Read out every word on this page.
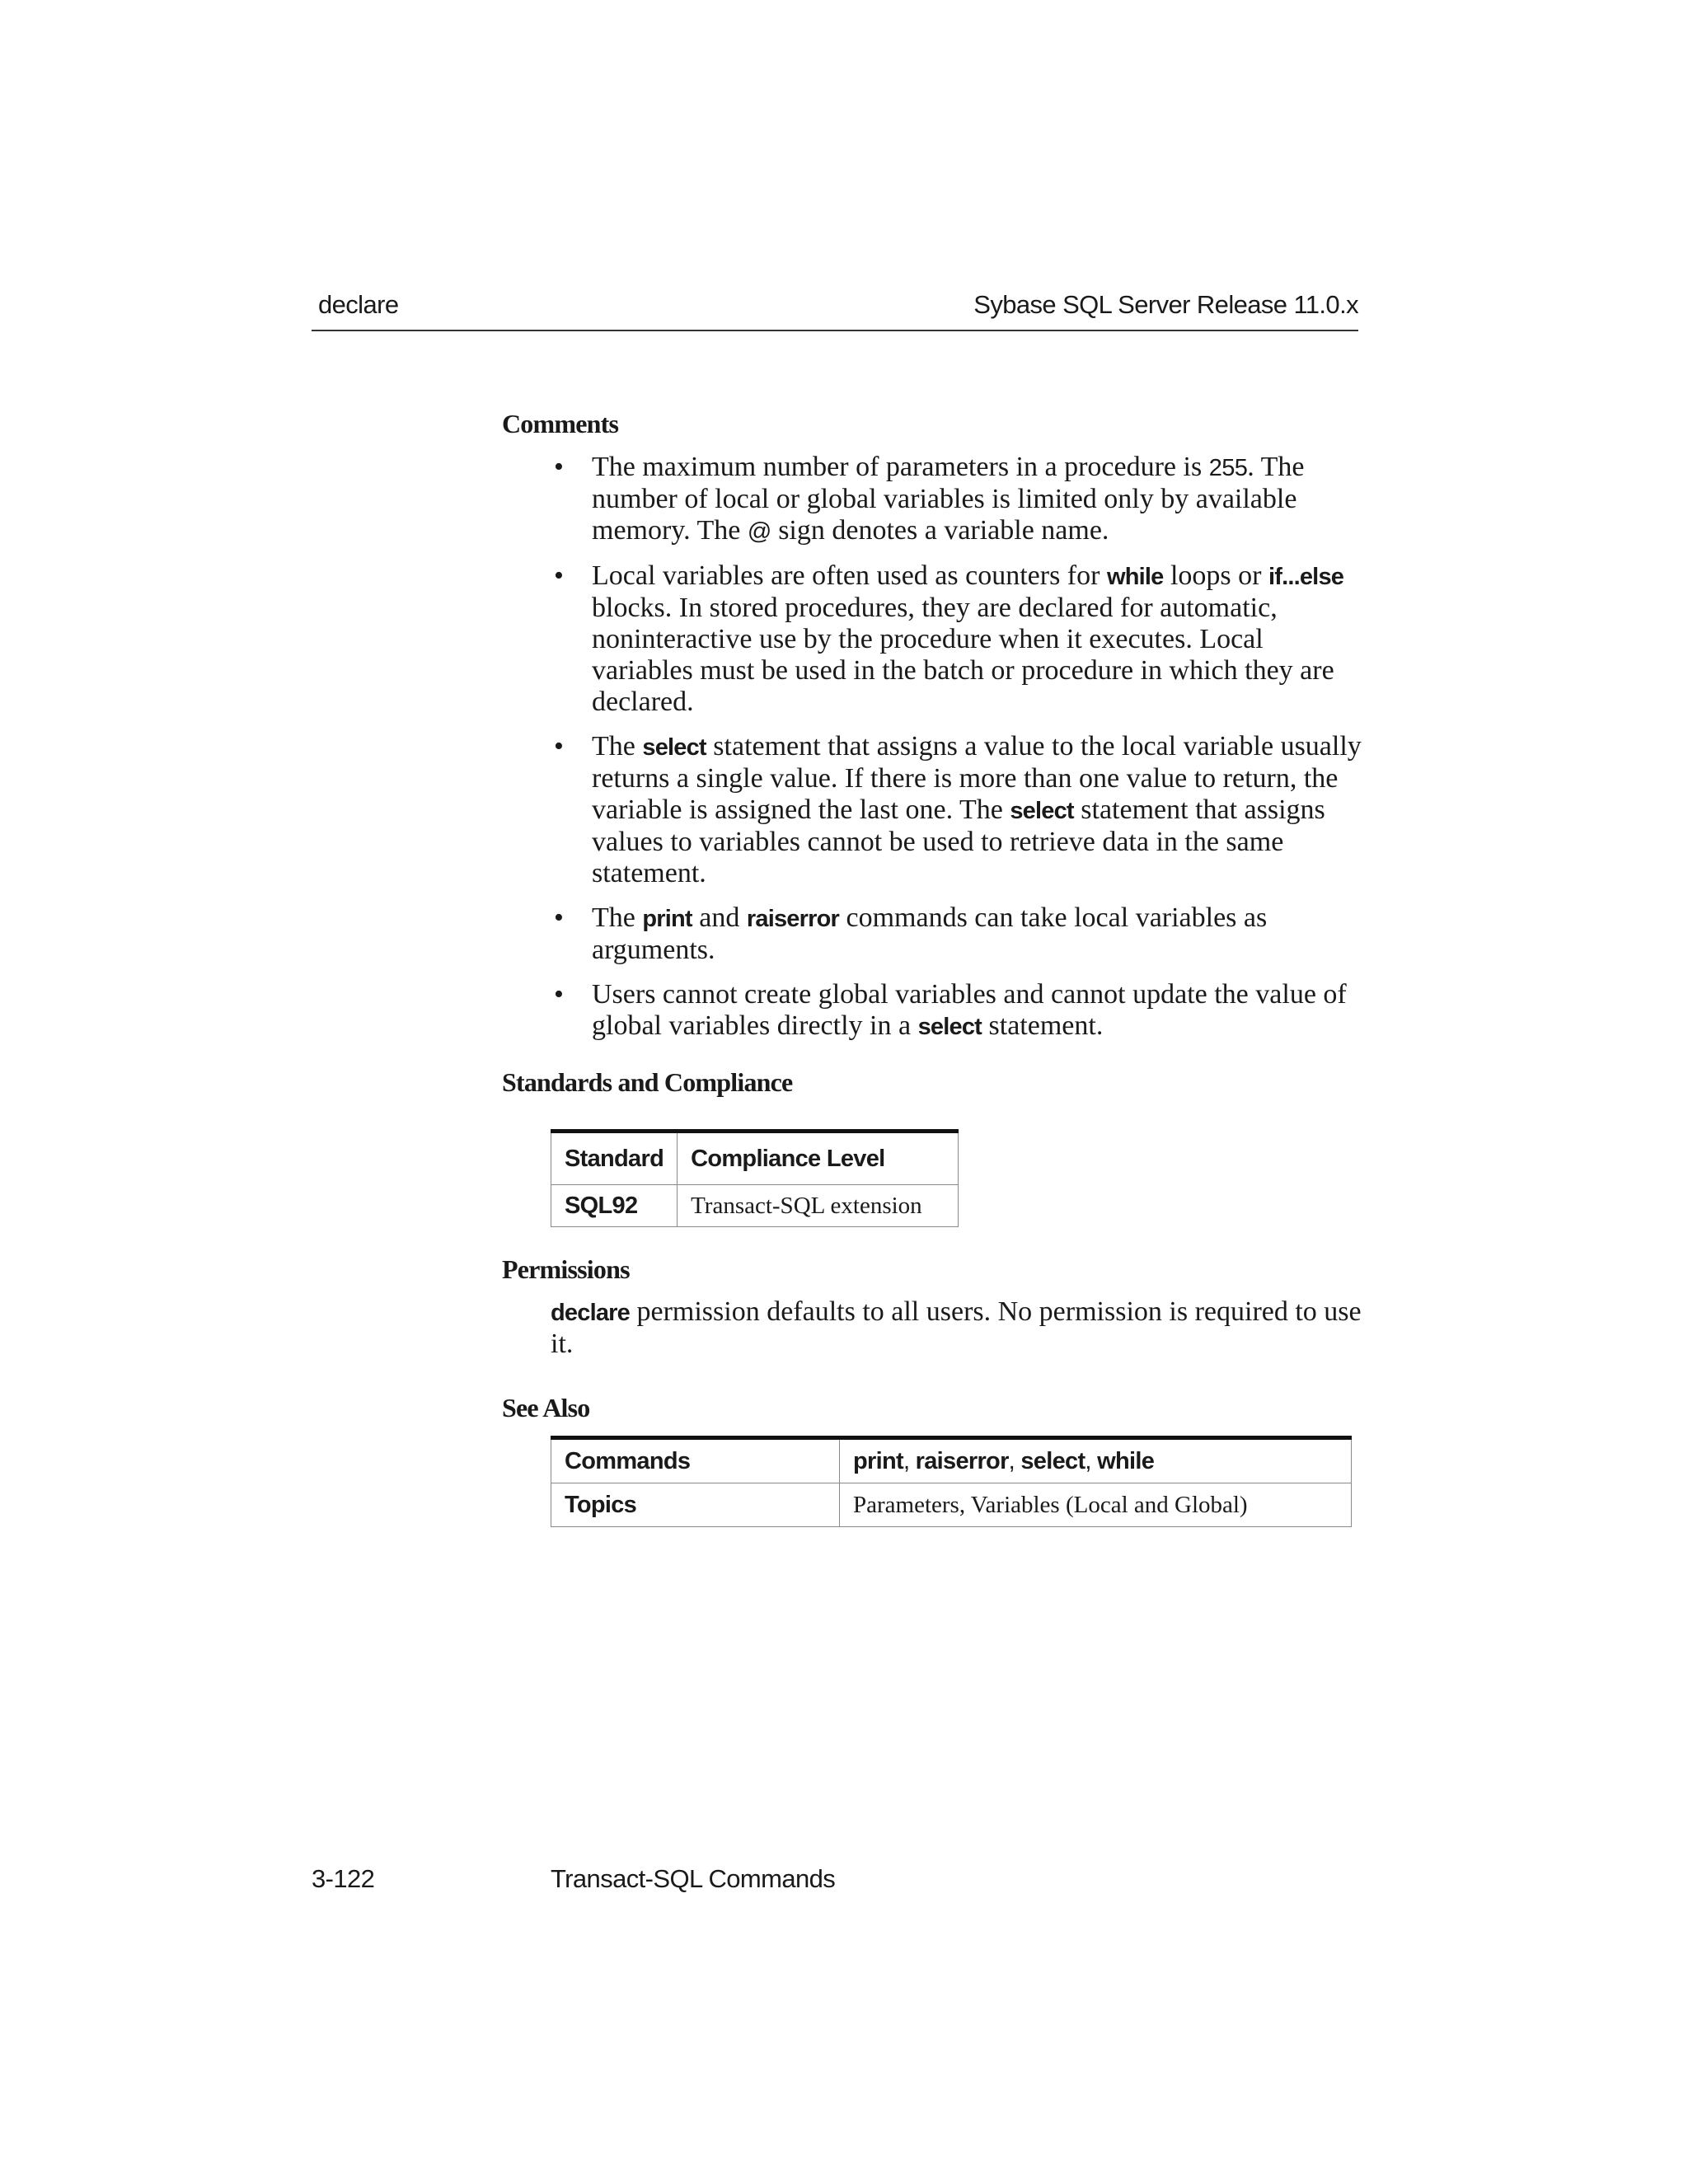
declare	Sybase SQL Server Release 11.0.x
Comments
• The maximum number of parameters in a procedure is 255. The number of local or global variables is limited only by available memory. The @ sign denotes a variable name.
• Local variables are often used as counters for while loops or if...else blocks. In stored procedures, they are declared for automatic, noninteractive use by the procedure when it executes. Local variables must be used in the batch or procedure in which they are declared.
• The select statement that assigns a value to the local variable usually returns a single value. If there is more than one value to return, the variable is assigned the last one. The select statement that assigns values to variables cannot be used to retrieve data in the same statement.
• The print and raiserror commands can take local variables as arguments.
• Users cannot create global variables and cannot update the value of global variables directly in a select statement.
Standards and Compliance
Standard	Compliance Level
SQL92	Transact-SQL extension
Permissions
declare permission defaults to all users. No permission is required to use it.
See Also
Commands	print, raiserror, select, while
Topics	Parameters, Variables (Local and Global)
3-122	Transact-SQL Commands
